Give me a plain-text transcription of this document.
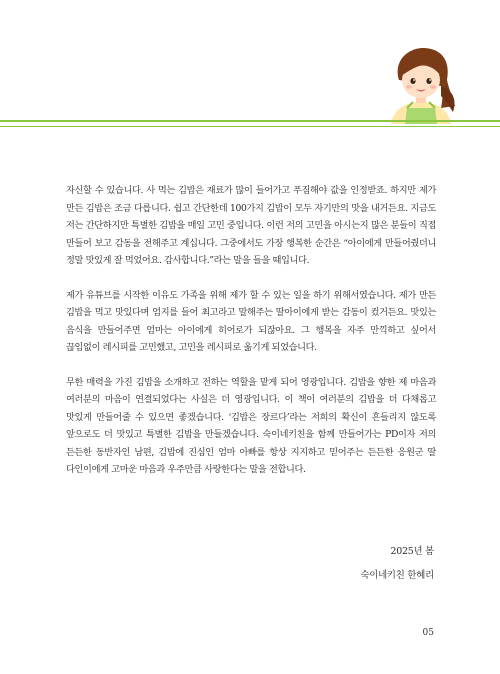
자신할 수 있습니다. 사 먹는 김밥은 재료가 많이 들어가고 푸짐해야 값을 인정받죠. 하지만 제가 만든 김밥은 조금 다릅니다. 쉽고 간단한데 100가지 김밥이 모두 자기만의 맛을 내거든요. 지금도 저는 간단하지만 특별한 김밥을 매일 고민 중입니다. 이런 저의 고민을 아시는지 많은 분들이 직접 만들어 보고 감동을 전해주고 계십니다. 그중에서도 가장 행복한 순간은 “아이에게 만들어줬더니 정말 맛있게 잘 먹었어요. 감사합니다.”라는 말을 들을 때입니다.

제가 유튜브를 시작한 이유도 가족을 위해 제가 할 수 있는 일을 하기 위해서였습니다. 제가 만든 김밥을 먹고 맛있다며 엄지를 들어 최고라고 말해주는 딸아이에게 받는 감동이 컸거든요. 맛있는 음식을 만들어주면 엄마는 아이에게 히어로가 되잖아요. 그 행복을 자주 만끽하고 싶어서 끊임없이 레시피를 고민했고, 고민을 레시피로 옮기게 되었습니다.

무한 매력을 가진 김밥을 소개하고 전하는 역할을 맡게 되어 영광입니다. 김밥을 향한 제 마음과 여러분의 마음이 연결되었다는 사실은 더 영광입니다. 이 책이 여러분의 김밥을 더 다채롭고 맛있게 만들어줄 수 있으면 좋겠습니다. ‘김밥은 장르다’라는 저희의 확신이 흔들리지 않도록 앞으로도 더 맛있고 특별한 김밥을 만들겠습니다. 숙이네키친을 함께 만들어가는 PD이자 저의 든든한 동반자인 남편, 김밥에 진심인 엄마 아빠를 항상 지지하고 믿어주는 든든한 응원군 딸 다인이에게 고마운 마음과 우주만큼 사랑한다는 말을 전합니다.

2025년 봄
숙이네키친 한혜리
05
